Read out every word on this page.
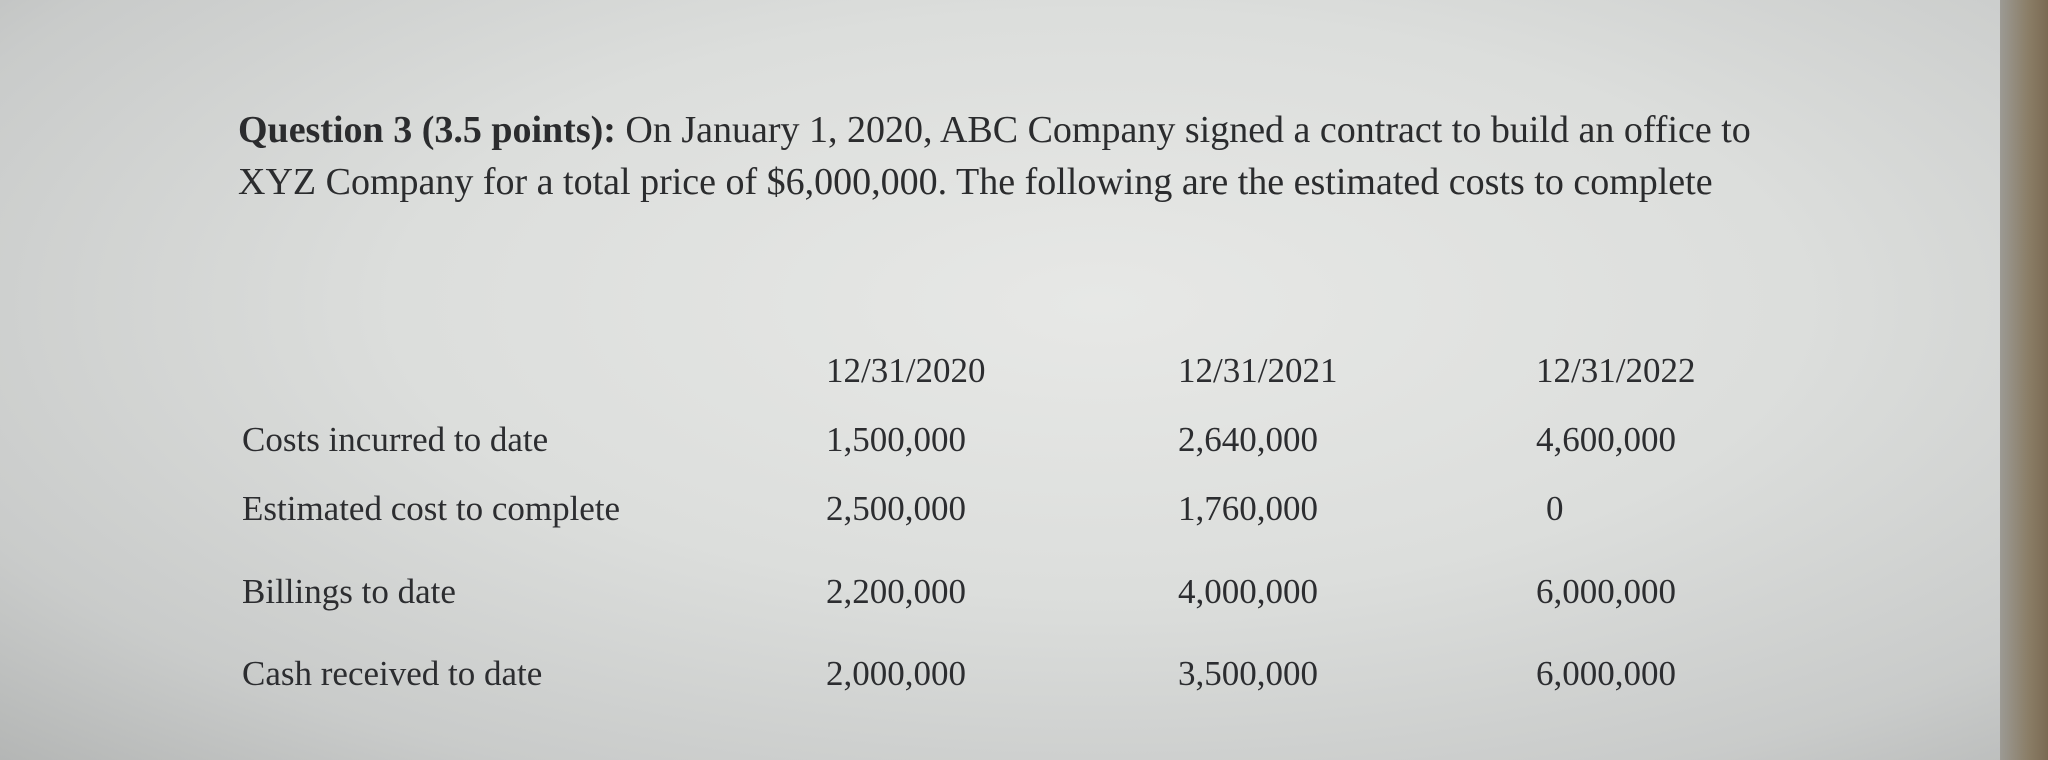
Question 3 (3.5 points): On January 1, 2020, ABC Company signed a contract to build an office to XYZ Company for a total price of $6,000,000. The following are the estimated costs to complete
12/31/2020	12/31/2021	12/31/2022
Costs incurred to date	1,500,000	2,640,000	4,600,000
Estimated cost to complete	2,500,000	1,760,000	0
Billings to date	2,200,000	4,000,000	6,000,000
Cash received to date	2,000,000	3,500,000	6,000,000
